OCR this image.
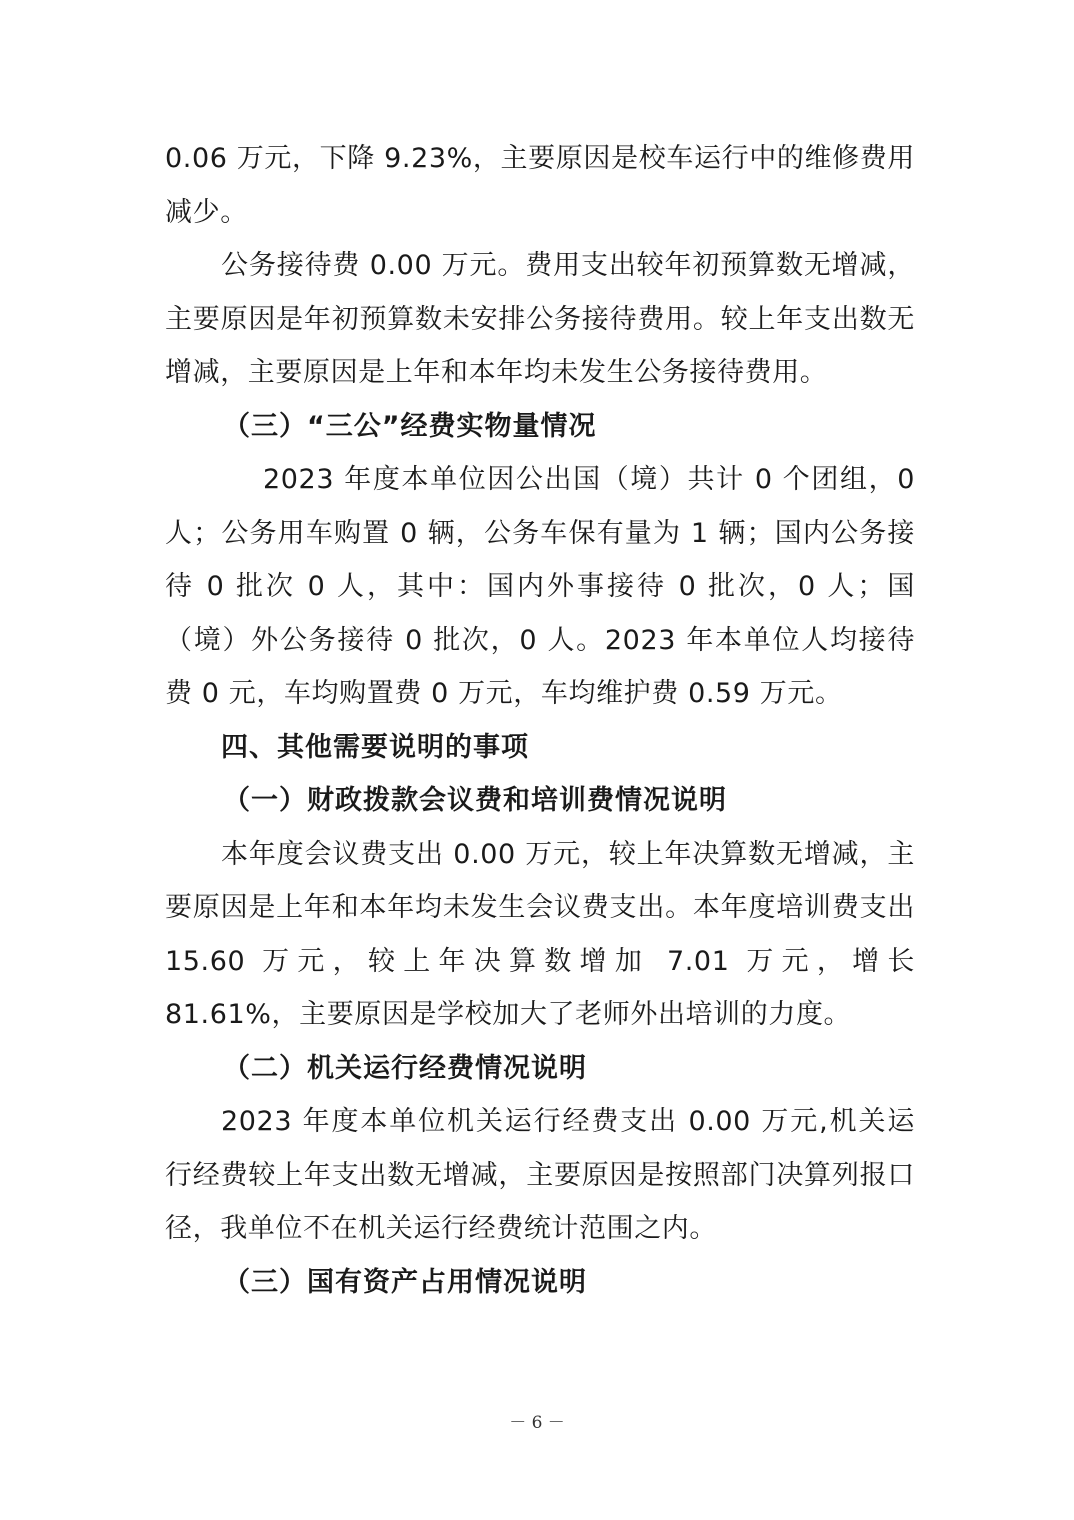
0.06 万元，下降 9.23%，主要原因是校车运行中的维修费用减少。

公务接待费 0.00 万元。费用支出较年初预算数无增减，主要原因是年初预算数未安排公务接待费用。较上年支出数无增减，主要原因是上年和本年均未发生公务接待费用。

（三）“三公”经费实物量情况

2023 年度本单位因公出国（境）共计 0 个团组，0 人；公务用车购置 0 辆，公务车保有量为 1 辆；国内公务接待 0 批次 0 人，其中：国内外事接待 0 批次，0 人；国（境）外公务接待 0 批次，0 人。2023 年本单位人均接待费 0 元，车均购置费 0 万元，车均维护费 0.59 万元。

四、其他需要说明的事项

（一）财政拨款会议费和培训费情况说明

本年度会议费支出 0.00 万元，较上年决算数无增减，主要原因是上年和本年均未发生会议费支出。本年度培训费支出 15.60 万元，较上年决算数增加 7.01 万元，增长 81.61%，主要原因是学校加大了老师外出培训的力度。

（二）机关运行经费情况说明

2023 年度本单位机关运行经费支出 0.00 万元,机关运行经费较上年支出数无增减，主要原因是按照部门决算列报口径，我单位不在机关运行经费统计范围之内。

（三）国有资产占用情况说明

－ 6 －
